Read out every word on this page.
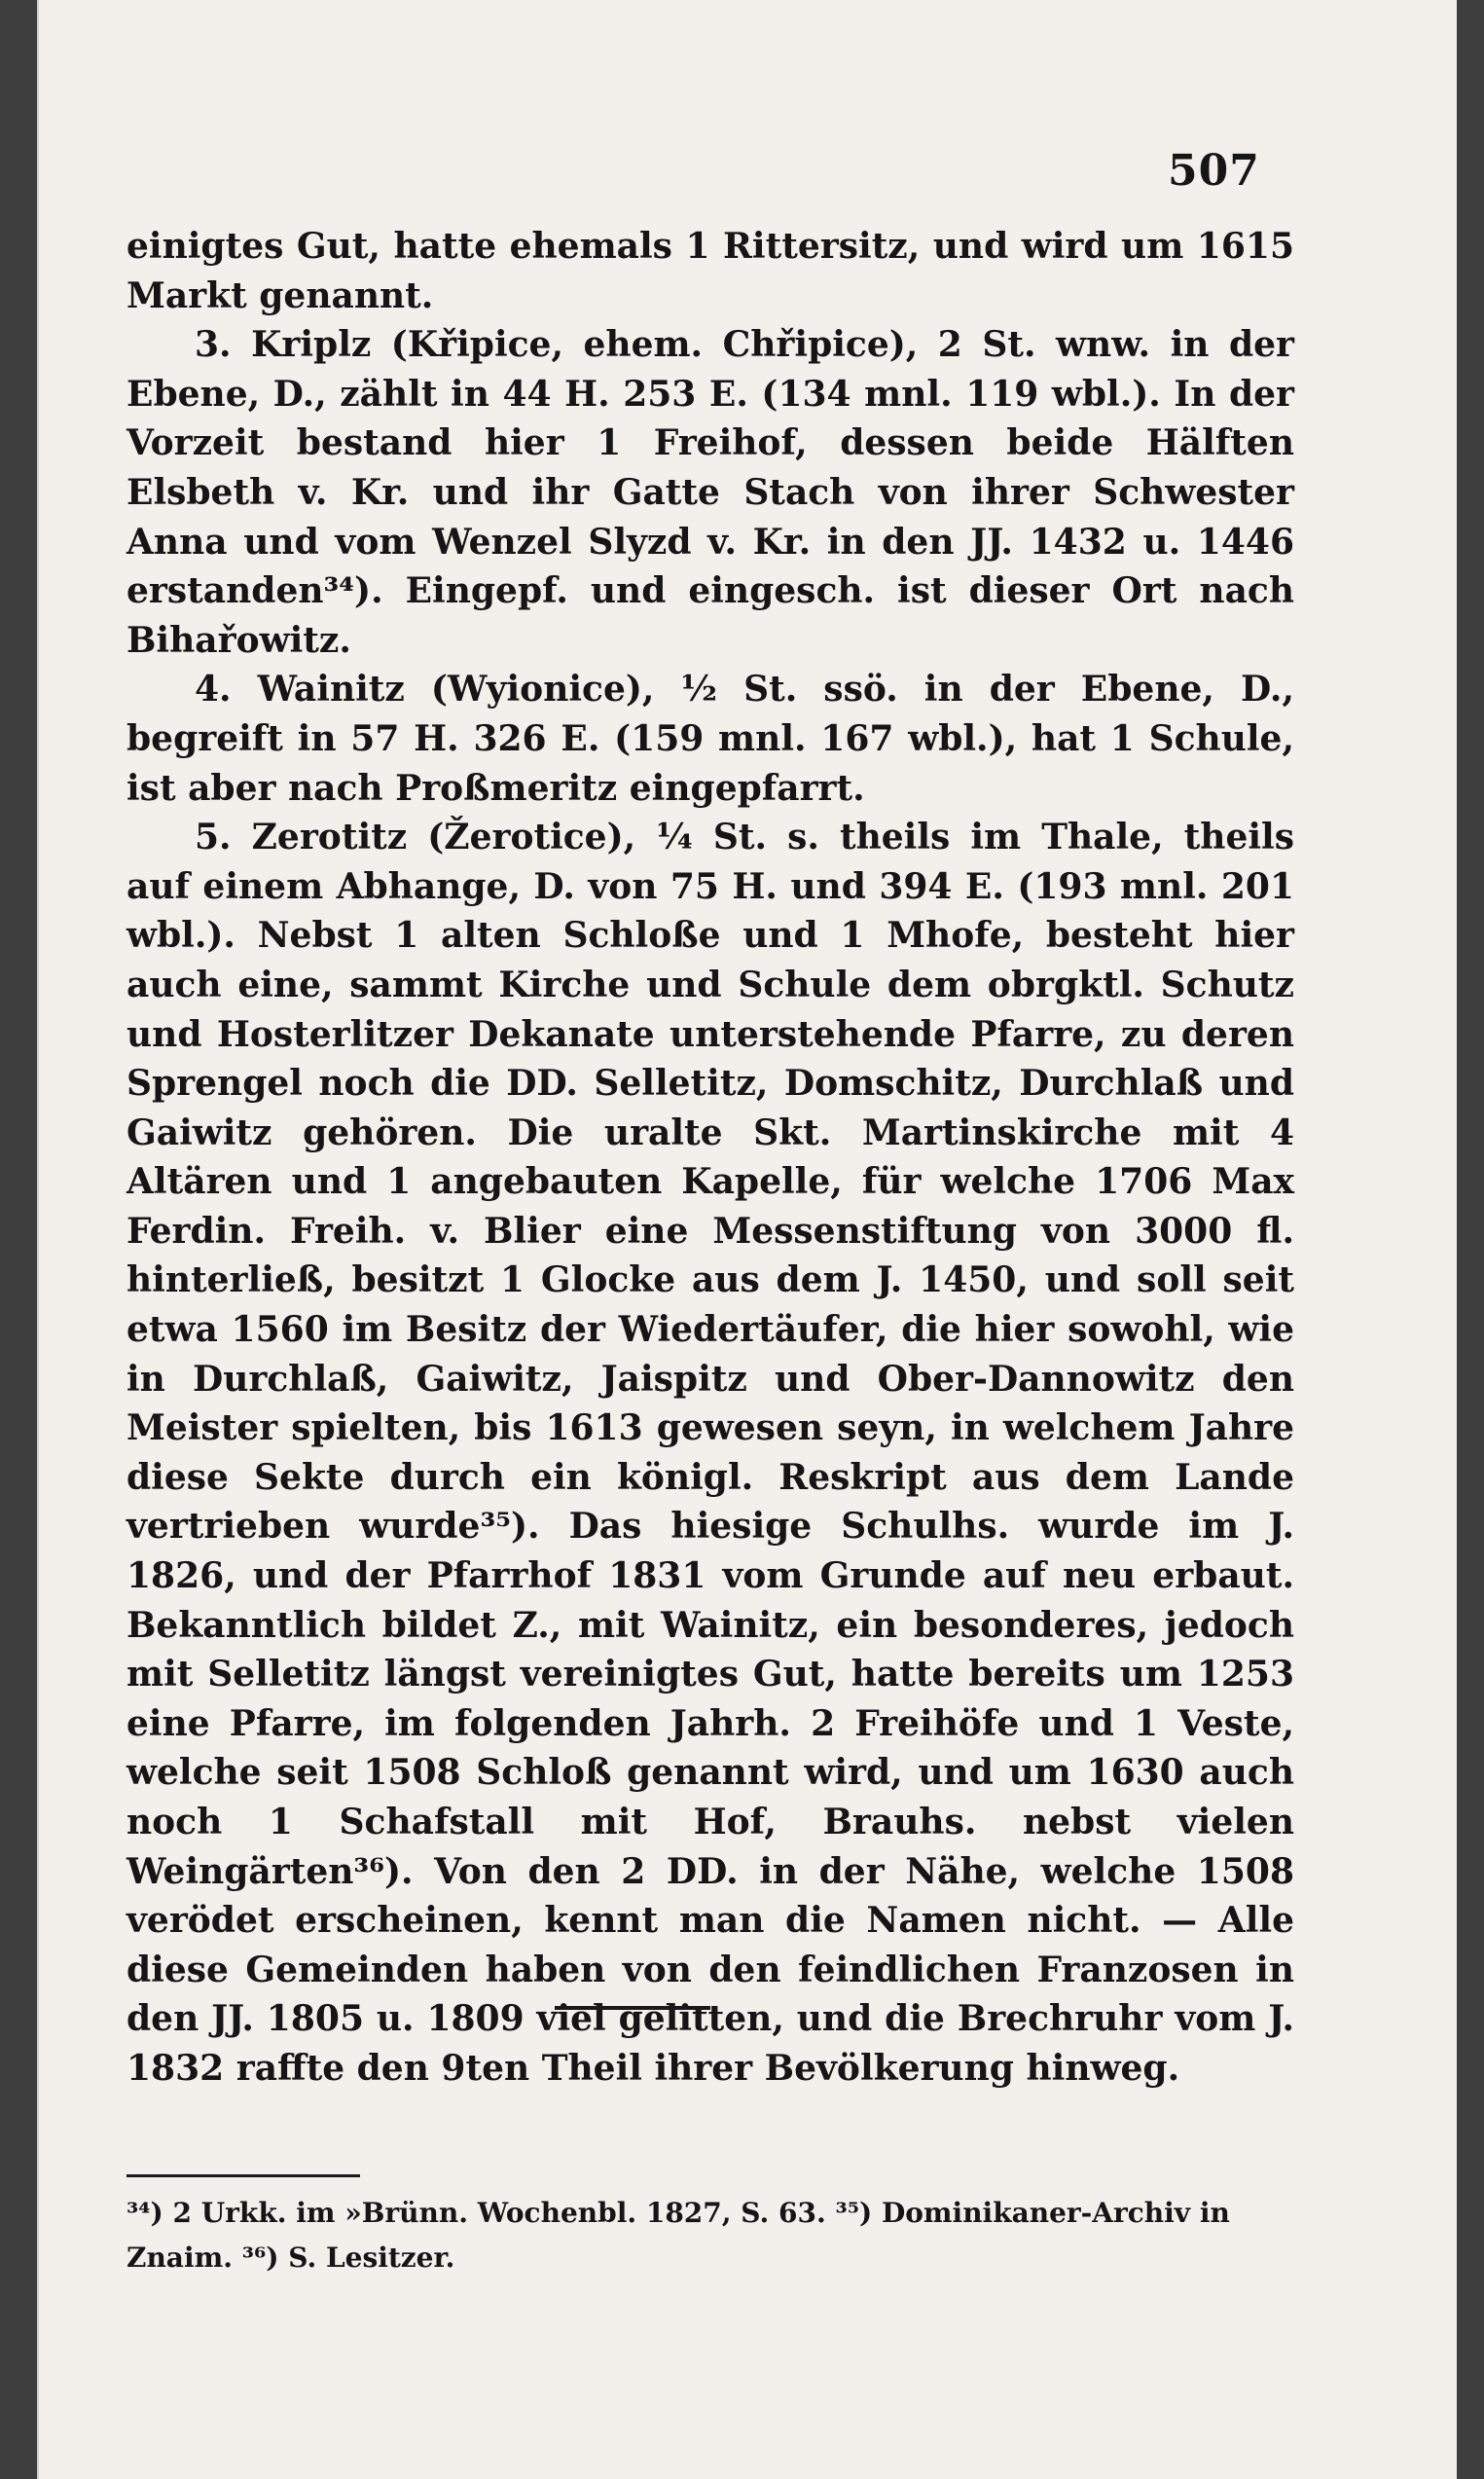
507

einigtes Gut, hatte ehemals 1 Rittersitz, und wird um 1615 Markt genannt.

3. Kriplz (Křipice, ehem. Chřipice), 2 St. wnw. in der Ebene, D., zählt in 44 H. 253 E. (134 mnl. 119 wbl.). In der Vorzeit bestand hier 1 Freihof, dessen beide Hälften Elsbeth v. Kr. und ihr Gatte Stach von ihrer Schwester Anna und vom Wenzel Slyzd v. Kr. in den JJ. 1432 u. 1446 erstanden³⁴). Eingepf. und eingesch. ist dieser Ort nach Bihařowitz.

4. Wainitz (Wyionice), ½ St. ssö. in der Ebene, D., begreift in 57 H. 326 E. (159 mnl. 167 wbl.), hat 1 Schule, ist aber nach Proßmeritz eingepfarrt.

5. Zerotitz (Žerotice), ¼ St. s. theils im Thale, theils auf einem Abhange, D. von 75 H. und 394 E. (193 mnl. 201 wbl.). Nebst 1 alten Schloße und 1 Mhofe, besteht hier auch eine, sammt Kirche und Schule dem obrgktl. Schutz und Hosterlitzer Dekanate unterstehende Pfarre, zu deren Sprengel noch die DD. Selletitz, Domschitz, Durchlaß und Gaiwitz gehören. Die uralte Skt. Martinskirche mit 4 Altären und 1 angebauten Kapelle, für welche 1706 Max Ferdin. Freih. v. Blier eine Messenstiftung von 3000 fl. hinterließ, besitzt 1 Glocke aus dem J. 1450, und soll seit etwa 1560 im Besitz der Wiedertäufer, die hier sowohl, wie in Durchlaß, Gaiwitz, Jaispitz und Ober-Dannowitz den Meister spielten, bis 1613 gewesen seyn, in welchem Jahre diese Sekte durch ein königl. Reskript aus dem Lande vertrieben wurde³⁵). Das hiesige Schulhs. wurde im J. 1826, und der Pfarrhof 1831 vom Grunde auf neu erbaut. Bekanntlich bildet Z., mit Wainitz, ein besonderes, jedoch mit Selletitz längst vereinigtes Gut, hatte bereits um 1253 eine Pfarre, im folgenden Jahrh. 2 Freihöfe und 1 Veste, welche seit 1508 Schloß genannt wird, und um 1630 auch noch 1 Schafstall mit Hof, Brauhs. nebst vielen Weingärten³⁶). Von den 2 DD. in der Nähe, welche 1508 verödet erscheinen, kennt man die Namen nicht. — Alle diese Gemeinden haben von den feindlichen Franzosen in den JJ. 1805 u. 1809 viel gelitten, und die Brechruhr vom J. 1832 raffte den 9ten Theil ihrer Bevölkerung hinweg.

³⁴) 2 Urkk. im »Brünn. Wochenbl. 1827, S. 63. ³⁵) Dominikaner-Archiv in Znaim. ³⁶) S. Lesitzer.
